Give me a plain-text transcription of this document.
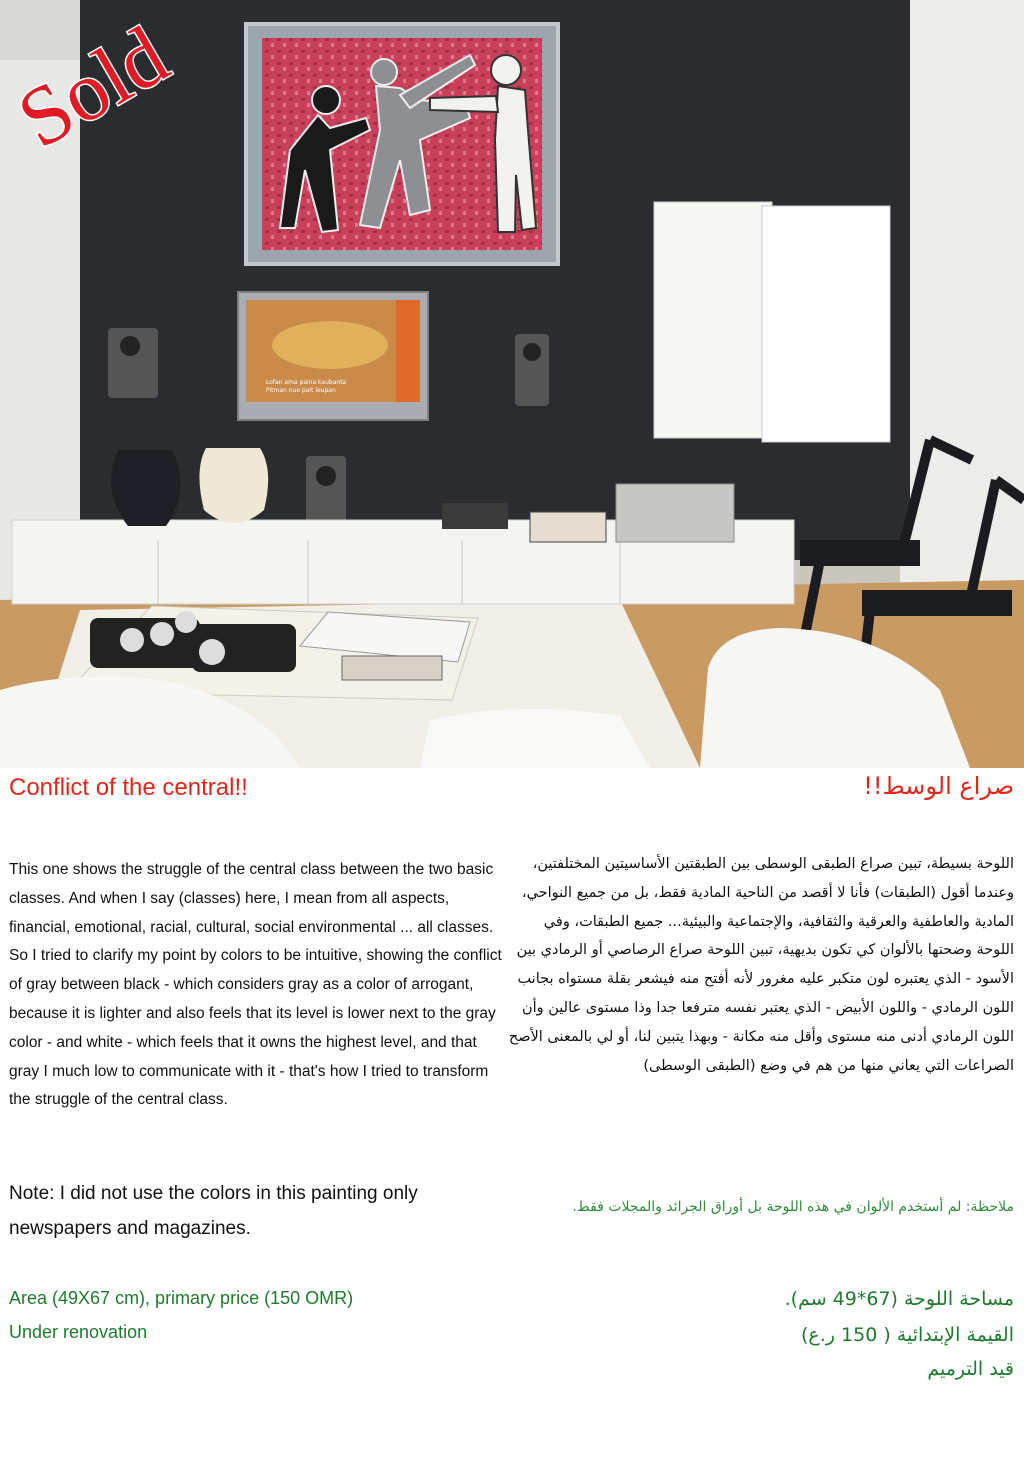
Lofan ama paina kaubanta
Pitman nuo pait leupan
Sold

Conflict of the central!!	صراع الوسط!!

This one shows the struggle of the central class between the two basic classes. And when I say (classes) here, I mean from all aspects, financial, emotional, racial, cultural, social environmental ... all classes. So I tried to clarify my point by colors to be intuitive, showing the conflict of gray between black - which considers gray as a color of arrogant, because it is lighter and also feels that its level is lower next to the gray color - and white - which feels that it owns the highest level, and that gray I much low to communicate with it - that's how I tried to transform the struggle of the central class.

اللوحة بسيطة، تبين صراع الطبقى الوسطى بين الطبقتين الأساسيتين المختلفتين، وعندما أقول (الطبقات) فأنا لا أقصد من الناحية المادية فقط، بل من جميع النواحي، المادية والعاطفية والعرقية والثقافية، والإجتماعية والبيئية... جميع الطبقات، وفي اللوحة وضحتها بالألوان كي تكون بديهية، تبين اللوحة صراع الرصاصي أو الرمادي بين الأسود - الذي يعتبره لون متكبر عليه مغرور لأنه أفتح منه فيشعر بقلة مستواه بجانب اللون الرمادي - واللون الأبيض - الذي يعتبر نفسه مترفعا جدا وذا مستوى عالين وأن اللون الرمادي أدنى منه مستوى وأقل منه مكانة - وبهذا يتبين لنا، أو لي بالمعنى الأصح الصراعات التي يعاني منها من هم في وضع (الطبقى الوسطى)

Note: I did not use the colors in this painting only newspapers and magazines.

ملاحظة: لم أستخدم الألوان في هذه اللوحة بل أوراق الجرائد والمجلات فقط.

Area (49X67 cm), primary price (150 OMR)

Under renovation

مساحة اللوحة (67*49 سم).

القيمة الإبتدائية ( 150 ر.ع)

قيد الترميم
